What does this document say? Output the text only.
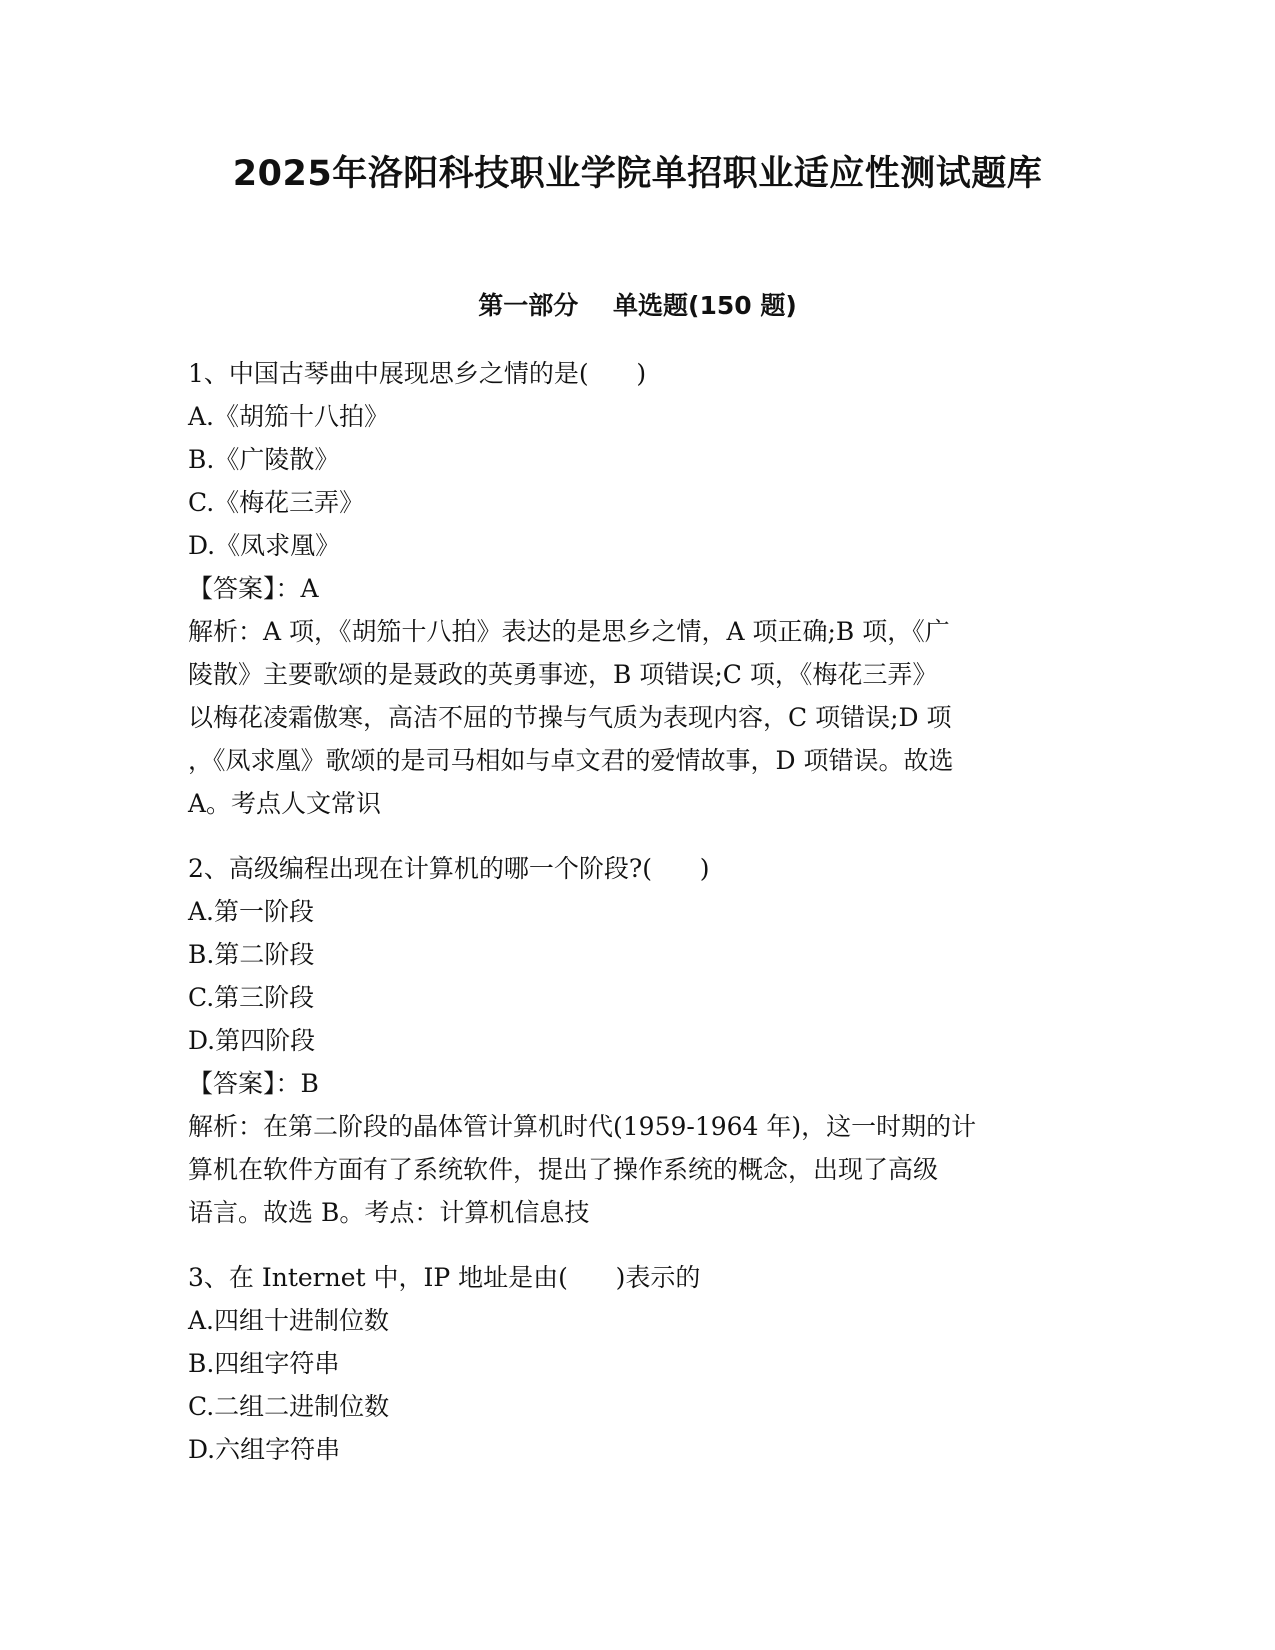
2025年洛阳科技职业学院单招职业适应性测试题库
第一部分    单选题(150 题)
1、中国古琴曲中展现思乡之情的是(      )
A.《胡笳十八拍》
B.《广陵散》
C.《梅花三弄》
D.《凤求凰》
【答案】：A
解析：A 项，《胡笳十八拍》表达的是思乡之情，A 项正确;B 项，《广
陵散》主要歌颂的是聂政的英勇事迹，B 项错误;C 项，《梅花三弄》
以梅花凌霜傲寒，高洁不屈的节操与气质为表现内容，C 项错误;D 项
，《凤求凰》歌颂的是司马相如与卓文君的爱情故事，D 项错误。故选
A。考点人文常识
2、高级编程出现在计算机的哪一个阶段?(      )
A.第一阶段
B.第二阶段
C.第三阶段
D.第四阶段
【答案】：B
解析：在第二阶段的晶体管计算机时代(1959-1964 年)，这一时期的计
算机在软件方面有了系统软件，提出了操作系统的概念，出现了高级
语言。故选 B。考点：计算机信息技
3、在 Internet 中，IP 地址是由(      )表示的
A.四组十进制位数
B.四组字符串
C.二组二进制位数
D.六组字符串
